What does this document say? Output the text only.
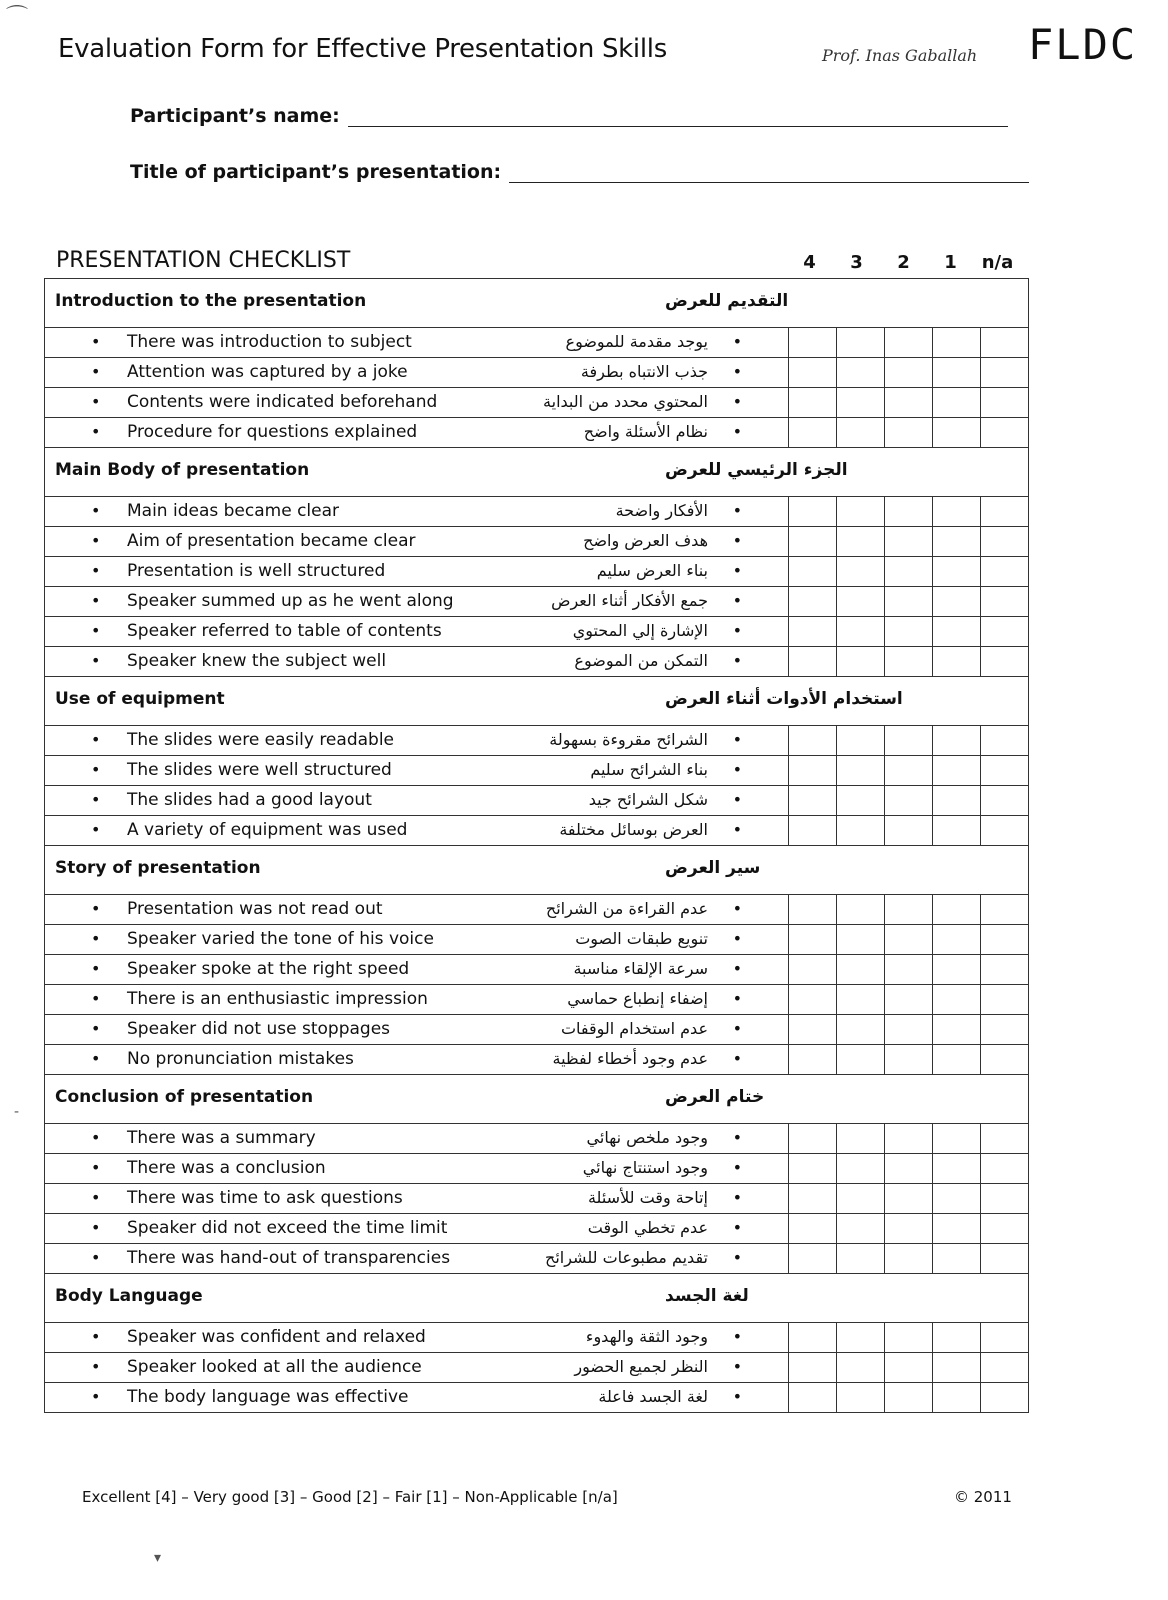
Evaluation Form for Effective Presentation Skills	Prof. Inas Gaballah FLDC
Participant’s name:
Title of participant’s presentation:
PRESENTATION CHECKLIST	4	3	2	1	n/a
Introduction to the presentation التقديم للعرض					

• There was introduction to subject يوجد مقدمة للموضوع •					

• Attention was captured by a joke جذب الانتباه بطرفة •					

• Contents were indicated beforehand المحتوي محدد من البداية •					

• Procedure for questions explained نظام الأسئلة واضح •					

Main Body of presentation الجزء الرئيسي للعرض					

• Main ideas became clear الأفكار واضحة •					

• Aim of presentation became clear هدف العرض واضح •					

• Presentation is well structured بناء العرض سليم •					

• Speaker summed up as he went along جمع الأفكار أثناء العرض •					

• Speaker referred to table of contents الإشارة إلي المحتوي •					

• Speaker knew the subject well التمكن من الموضوع •					

Use of equipment استخدام الأدوات أثناء العرض					

• The slides were easily readable الشرائح مقروءة بسهولة •					

• The slides were well structured بناء الشرائح سليم •					

• The slides had a good layout شكل الشرائح جيد •					

• A variety of equipment was used العرض بوسائل مختلفة •					

Story of presentation سير العرض					

• Presentation was not read out عدم القراءة من الشرائح •					

• Speaker varied the tone of his voice تنويع طبقات الصوت •					

• Speaker spoke at the right speed سرعة الإلقاء مناسبة •					

• There is an enthusiastic impression إضفاء إنطباع حماسي •					

• Speaker did not use stoppages عدم استخدام الوقفات •					

• No pronunciation mistakes عدم وجود أخطاء لفظية •					

Conclusion of presentation ختام العرض					

• There was a summary وجود ملخص نهائي •					

• There was a conclusion وجود استنتاج نهائي •					

• There was time to ask questions إتاحة وقت للأسئلة •					

• Speaker did not exceed the time limit عدم تخطي الوقت •					

• There was hand-out of transparencies تقديم مطبوعات للشرائح •					

Body Language لغة الجسد					

• Speaker was confident and relaxed وجود الثقة والهدوء •					

• Speaker looked at all the audience النظر لجميع الحضور •					

• The body language was effective لغة الجسد فاعلة •					

Excellent [4] – Very good [3] – Good [2] – Fair [1] – Non-Applicable [n/a]	© 2011
⌒
-
▾
